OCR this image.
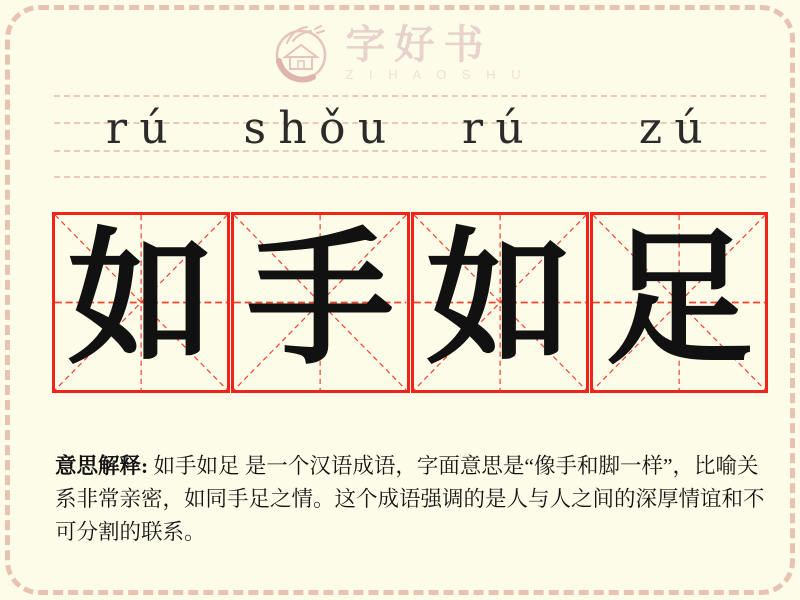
字好书
Z I H A O S H U
rú	shǒu	rú	zú
如 手 如 足
意思解释: 如手如足 是一个汉语成语，字面意思是“像手和脚一样”，比喻关系非常亲密，如同手足之情。这个成语强调的是人与人之间的深厚情谊和不可分割的联系。
